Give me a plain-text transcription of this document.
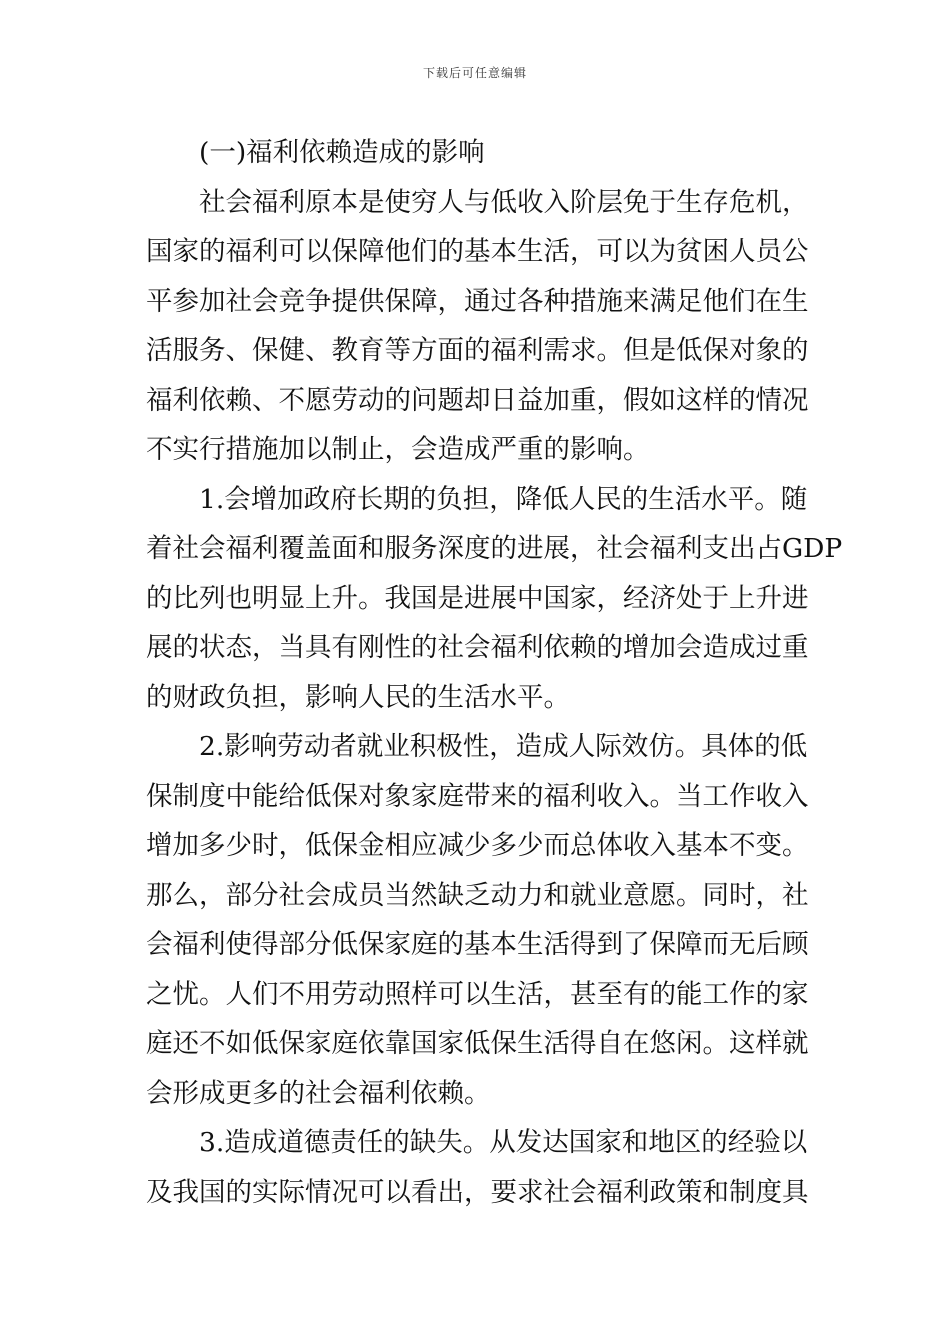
下载后可任意编辑
(一)福利依赖造成的影响
社会福利原本是使穷人与低收入阶层免于生存危机，
国家的福利可以保障他们的基本生活，可以为贫困人员公
平参加社会竞争提供保障，通过各种措施来满足他们在生
活服务、保健、教育等方面的福利需求。但是低保对象的
福利依赖、不愿劳动的问题却日益加重，假如这样的情况
不实行措施加以制止，会造成严重的影响。
1.会增加政府长期的负担，降低人民的生活水平。随
着社会福利覆盖面和服务深度的进展，社会福利支出占GDP
的比列也明显上升。我国是进展中国家，经济处于上升进
展的状态，当具有刚性的社会福利依赖的增加会造成过重
的财政负担，影响人民的生活水平。
2.影响劳动者就业积极性，造成人际效仿。具体的低
保制度中能给低保对象家庭带来的福利收入。当工作收入
增加多少时，低保金相应减少多少而总体收入基本不变。
那么，部分社会成员当然缺乏动力和就业意愿。同时，社
会福利使得部分低保家庭的基本生活得到了保障而无后顾
之忧。人们不用劳动照样可以生活，甚至有的能工作的家
庭还不如低保家庭依靠国家低保生活得自在悠闲。这样就
会形成更多的社会福利依赖。
3.造成道德责任的缺失。从发达国家和地区的经验以
及我国的实际情况可以看出，要求社会福利政策和制度具
